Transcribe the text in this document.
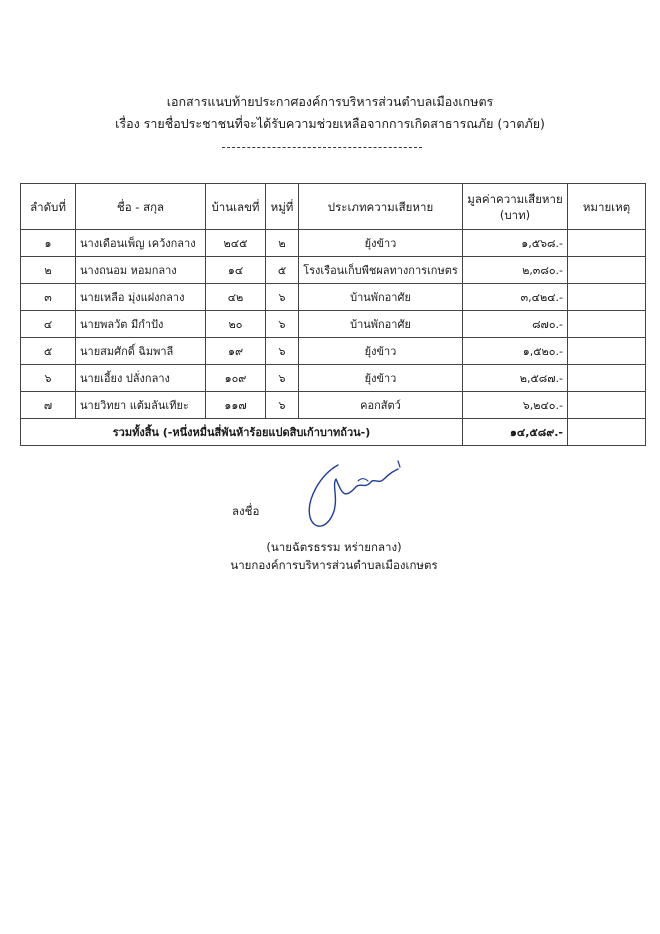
เอกสารแนบท้ายประกาศองค์การบริหารส่วนตำบลเมืองเกษตร
เรื่อง รายชื่อประชาชนที่จะได้รับความช่วยเหลือจากการเกิดสาธารณภัย (วาตภัย)
ลำดับที่	ชื่อ - สกุล	บ้านเลขที่	หมู่ที่	ประเภทความเสียหาย	มูลค่าความเสียหาย (บาท)	หมายเหตุ
๑	นางเดือนเพ็ญ เคว้งกลาง	๒๔๕	๒	ยุ้งข้าว	๑,๕๖๘.-	
๒	นางถนอม หอมกลาง	๑๔	๕	โรงเรือนเก็บพืชผลทางการเกษตร	๒,๓๘๐.-	
๓	นายเหลือ มุ่งแฝงกลาง	๔๒	๖	บ้านพักอาศัย	๓,๔๒๔.-	
๔	นายพลวัต มีกำปัง	๒๐	๖	บ้านพักอาศัย	๘๗๐.-	
๕	นายสมศักดิ์ ฉิมพาลี	๑๙	๖	ยุ้งข้าว	๑,๕๒๐.-	
๖	นายเอี้ยง ปลั่งกลาง	๑๐๙	๖	ยุ้งข้าว	๒,๕๘๗.-	
๗	นายวิทยา แต้มลันเทียะ	๑๑๗	๖	คอกสัตว์	๖,๒๔๐.-	
รวมทั้งสิ้น (-หนึ่งหมื่นสี่พันห้าร้อยแปดสิบเก้าบาทถ้วน-)					๑๔,๕๘๙.-	
ลงชื่อ
(นายฉัตรธรรม หร่ายกลาง)
นายกองค์การบริหารส่วนตำบลเมืองเกษตร
